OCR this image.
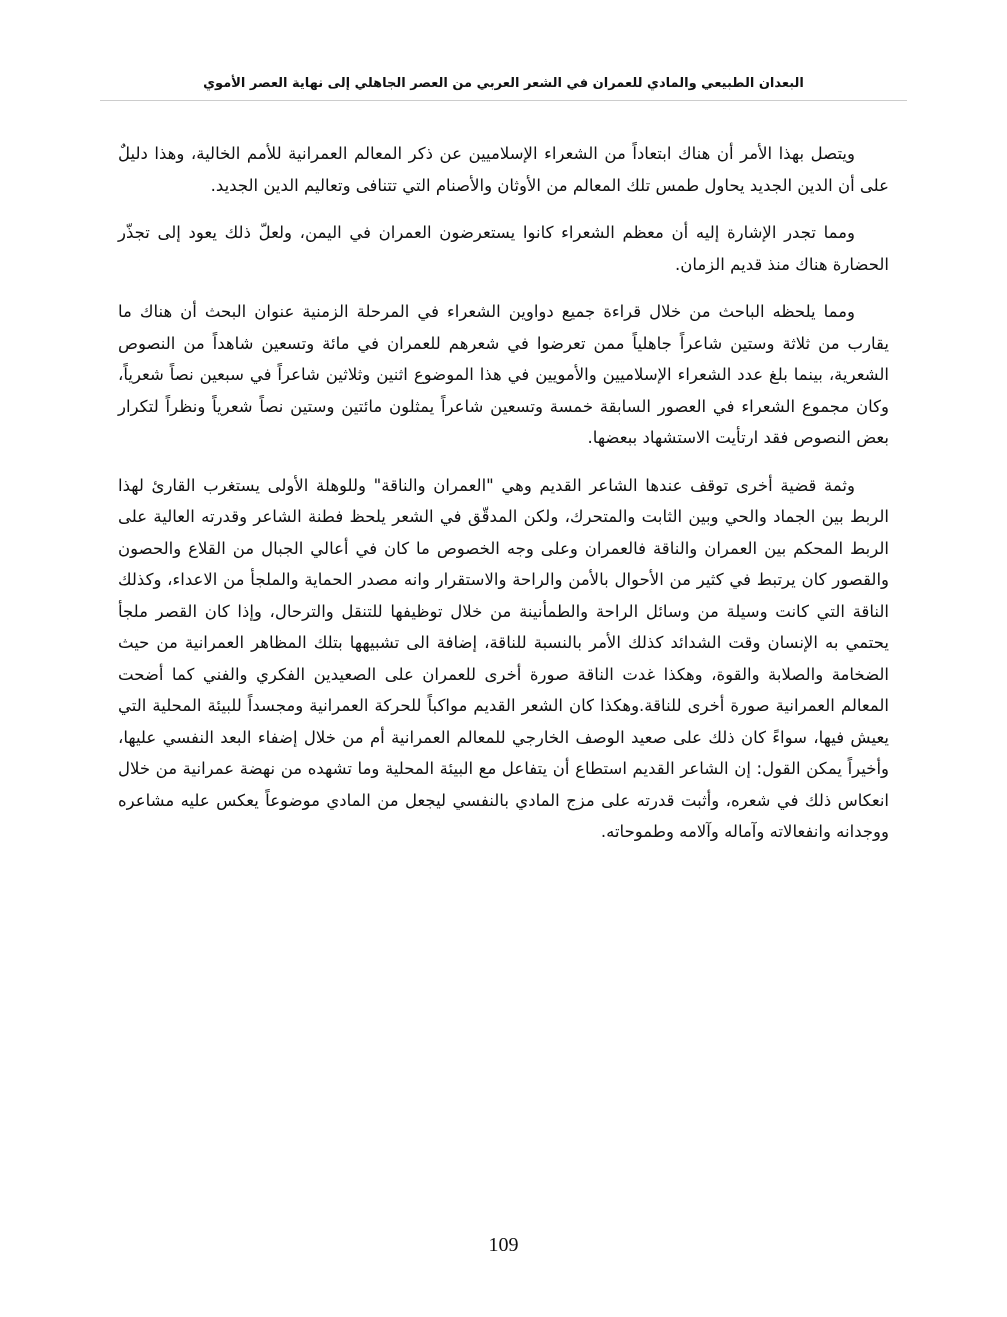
البعدان الطبيعي والمادي للعمران في الشعر العربي من العصر الجاهلي إلى نهاية العصر الأموي

ويتصل بهذا الأمر أن هناك ابتعاداً من الشعراء الإسلاميين عن ذكر المعالم العمرانية للأمم الخالية، وهذا دليلٌ على أن الدين الجديد يحاول طمس تلك المعالم من الأوثان والأصنام التي تتنافى وتعاليم الدين الجديد.

ومما تجدر الإشارة إليه أن معظم الشعراء كانوا يستعرضون العمران في اليمن، ولعلّ ذلك يعود إلى تجذّر الحضارة هناك منذ قديم الزمان.

ومما يلحظه الباحث من خلال قراءة جميع دواوين الشعراء في المرحلة الزمنية عنوان البحث أن هناك ما يقارب من ثلاثة وستين شاعراً جاهلياً ممن تعرضوا في شعرهم للعمران في مائة وتسعين شاهداً من النصوص الشعرية، بينما بلغ عدد الشعراء الإسلاميين والأمويين في هذا الموضوع اثنين وثلاثين شاعراً في سبعين نصاً شعرياً، وكان مجموع الشعراء في العصور السابقة خمسة وتسعين شاعراً يمثلون مائتين وستين نصاً شعرياً ونظراً لتكرار بعض النصوص فقد ارتأيت الاستشهاد ببعضها.

وثمة قضية أخرى توقف عندها الشاعر القديم وهي "العمران والناقة" وللوهلة الأولى يستغرب القارئ لهذا الربط بين الجماد والحي وبين الثابت والمتحرك، ولكن المدقّق في الشعر يلحظ فطنة الشاعر وقدرته العالية على الربط المحكم بين العمران والناقة فالعمران وعلى وجه الخصوص ما كان في أعالي الجبال من القلاع والحصون والقصور كان يرتبط في كثير من الأحوال بالأمن والراحة والاستقرار وانه مصدر الحماية والملجأ من الاعداء، وكذلك الناقة التي كانت وسيلة من وسائل الراحة والطمأنينة من خلال توظيفها للتنقل والترحال، وإذا كان القصر ملجأ يحتمي به الإنسان وقت الشدائد كذلك الأمر بالنسبة للناقة، إضافة الى تشبيهها بتلك المظاهر العمرانية من حيث الضخامة والصلابة والقوة، وهكذا غدت الناقة صورة أخرى للعمران على الصعيدين الفكري والفني كما أضحت المعالم العمرانية صورة أخرى للناقة.وهكذا كان الشعر القديم مواكباً للحركة العمرانية ومجسداً للبيئة المحلية التي يعيش فيها، سواءً كان ذلك على صعيد الوصف الخارجي للمعالم العمرانية أم من خلال إضفاء البعد النفسي عليها، وأخيراً يمكن القول: إن الشاعر القديم استطاع أن يتفاعل مع البيئة المحلية وما تشهده من نهضة عمرانية من خلال انعكاس ذلك في شعره، وأثبت قدرته على مزج المادي بالنفسي ليجعل من المادي موضوعاً يعكس عليه مشاعره ووجدانه وانفعالاته وآماله وآلامه وطموحاته.

109
